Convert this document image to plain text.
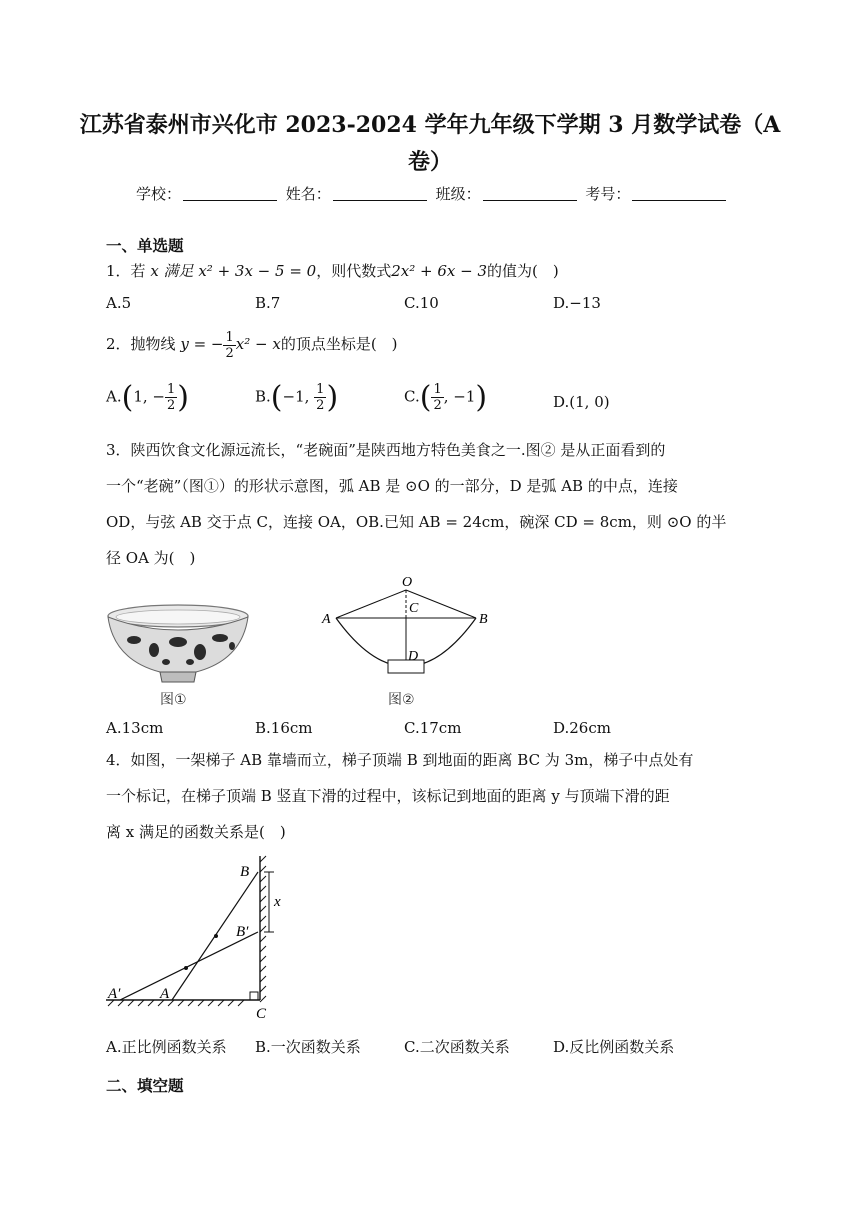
江苏省泰州市兴化市 2023-2024 学年九年级下学期 3 月数学试卷（A
卷）
学校：	姓名：	班级：	考号：
一、单选题
1．若 x 满足 x² + 3x − 5 = 0，则代数式2x² + 6x − 3的值为(　)
A.5	B.7	C.10	D.−13
2．抛物线 y = − $\frac{1}{2} x^2 - x$的顶点坐标是(　)
A.(1, − $\frac{1}{2}$ )	B.(−1, $\frac{1}{2}$ )	$C.( \frac{1}{2}$ , −1)	D.(1, 0)
3．陕西饮食文化源远流长，“老碗面”是陕西地方特色美食之一.图② 是从正面看到的
一个“老碗”（图①）的形状示意图，弧 AB 是 ⊙O 的一部分，D 是弧 AB 的中点，连接
OD，与弦 AB 交于点 C，连接 OA，OB.已知 AB = 24cm，碗深 CD = 8cm，则 ⊙O 的半
径 OA 为(　)
图①
O
C
A	B
D
图②
A.13cm	B.16cm	C.17cm	D.26cm
4．如图，一架梯子 AB 靠墙而立，梯子顶端 B 到地面的距离 BC 为 3m，梯子中点处有
一个标记，在梯子顶端 B 竖直下滑的过程中，该标记到地面的距离 y 与顶端下滑的距
离 x 满足的函数关系是(　)
B
B′
x
A
A′
C
A.正比例函数关系 B.一次函数关系	C.二次函数关系	D.反比例函数关系
二、填空题
